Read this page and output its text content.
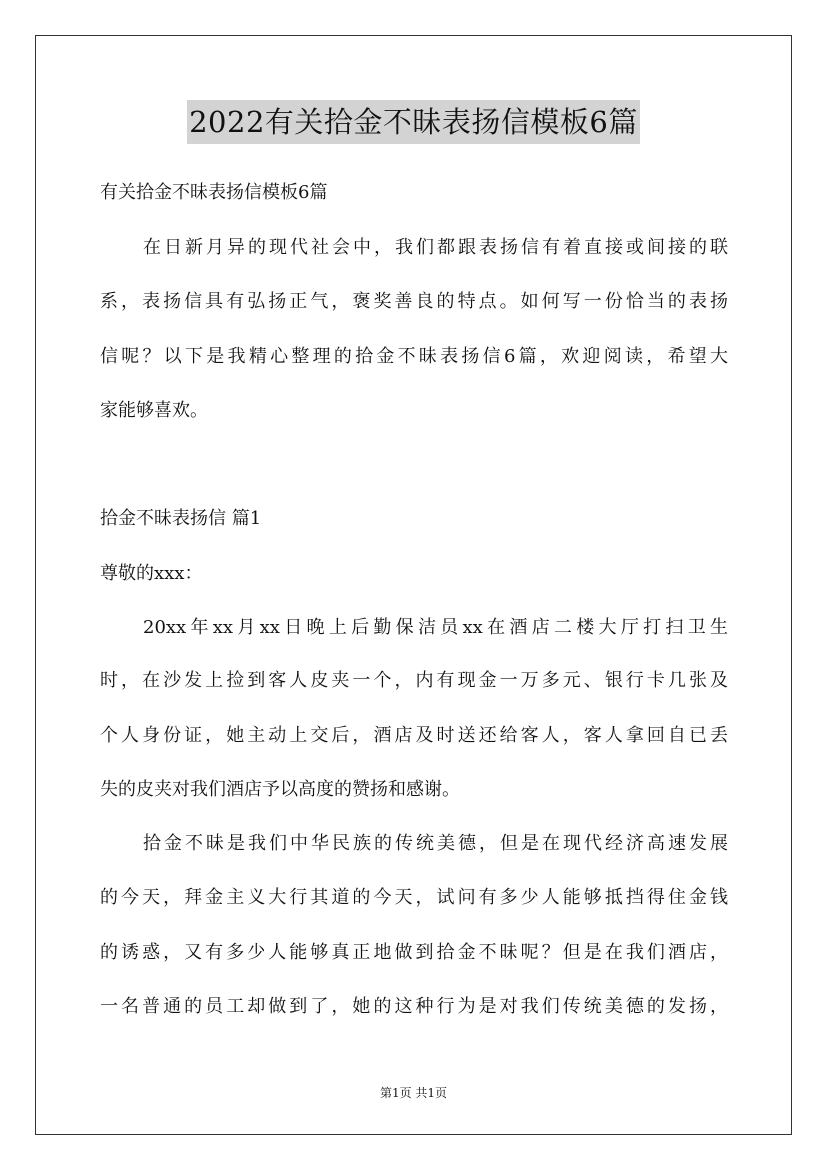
2022有关拾金不昧表扬信模板6篇
有关拾金不昧表扬信模板6篇
在日新月异的现代社会中，我们都跟表扬信有着直接或间接的联
系，表扬信具有弘扬正气，褒奖善良的特点。如何写一份恰当的表扬
信呢？以下是我精心整理的拾金不昧表扬信6篇，欢迎阅读，希望大
家能够喜欢。
拾金不昧表扬信 篇1
尊敬的xxx：
20xx年xx月xx日晚上后勤保洁员xx在酒店二楼大厅打扫卫生
时，在沙发上捡到客人皮夹一个，内有现金一万多元、银行卡几张及
个人身份证，她主动上交后，酒店及时送还给客人，客人拿回自已丢
失的皮夹对我们酒店予以高度的赞扬和感谢。
拾金不昧是我们中华民族的传统美德，但是在现代经济高速发展
的今天，拜金主义大行其道的今天，试问有多少人能够抵挡得住金钱
的诱惑，又有多少人能够真正地做到拾金不昧呢？但是在我们酒店，
一名普通的员工却做到了，她的这种行为是对我们传统美德的发扬，
第1页 共1页
